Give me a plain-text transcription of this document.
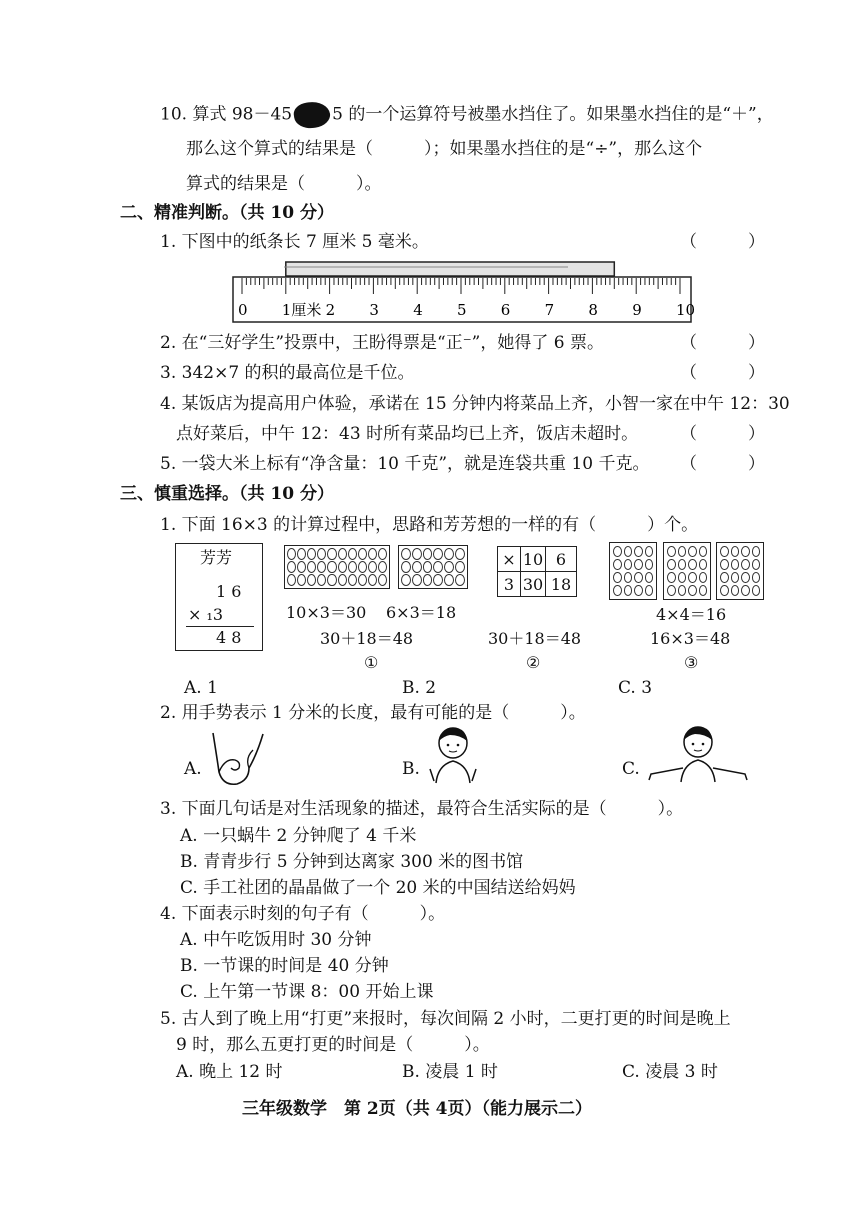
10. 算式 98－45 5 的一个运算符号被墨水挡住了。如果墨水挡住的是“＋”，
那么这个算式的结果是（　　　）；如果墨水挡住的是“÷”，那么这个
算式的结果是（　　　）。
二、精准判断。（共 10 分）
1. 下图中的纸条长 7 厘米 5 毫米。	（　　　）
0 1厘米 2 3 4 5 6 7 8 9 10
2. 在“三好学生”投票中，王盼得票是“正⁻”，她得了 6 票。	（　　　）
3. 342×7 的积的最高位是千位。	（　　　）
4. 某饭店为提高用户体验，承诺在 15 分钟内将菜品上齐，小智一家在中午 12：30
点好菜后，中午 12：43 时所有菜品均已上齐，饭店未超时。 （　　　）
5. 一袋大米上标有“净含量：10 千克”，就是连袋共重 10 千克。 （　　　）
三、慎重选择。（共 10 分）
1. 下面 16×3 的计算过程中，思路和芳芳想的一样的有（　　　）个。
芳芳
1 6
× ₁3
4 8
10×3＝30 6×3＝18
30＋18＝48
①
×	10	6
3	30	18
30＋18＝48
②
4×4＝16
16×3＝48
③
A. 1	B. 2	C. 3
2. 用手势表示 1 分米的长度，最有可能的是（　　　）。
A.	B.	C.
3. 下面几句话是对生活现象的描述，最符合生活实际的是（　　　）。
A. 一只蜗牛 2 分钟爬了 4 千米
B. 青青步行 5 分钟到达离家 300 米的图书馆
C. 手工社团的晶晶做了一个 20 米的中国结送给妈妈
4. 下面表示时刻的句子有（　　　）。
A. 中午吃饭用时 30 分钟
B. 一节课的时间是 40 分钟
C. 上午第一节课 8：00 开始上课
5. 古人到了晚上用“打更”来报时，每次间隔 2 小时，二更打更的时间是晚上
9 时，那么五更打更的时间是（　　　）。
A. 晚上 12 时	B. 凌晨 1 时	C. 凌晨 3 时
三年级数学　第 2页（共 4页）（能力展示二）
